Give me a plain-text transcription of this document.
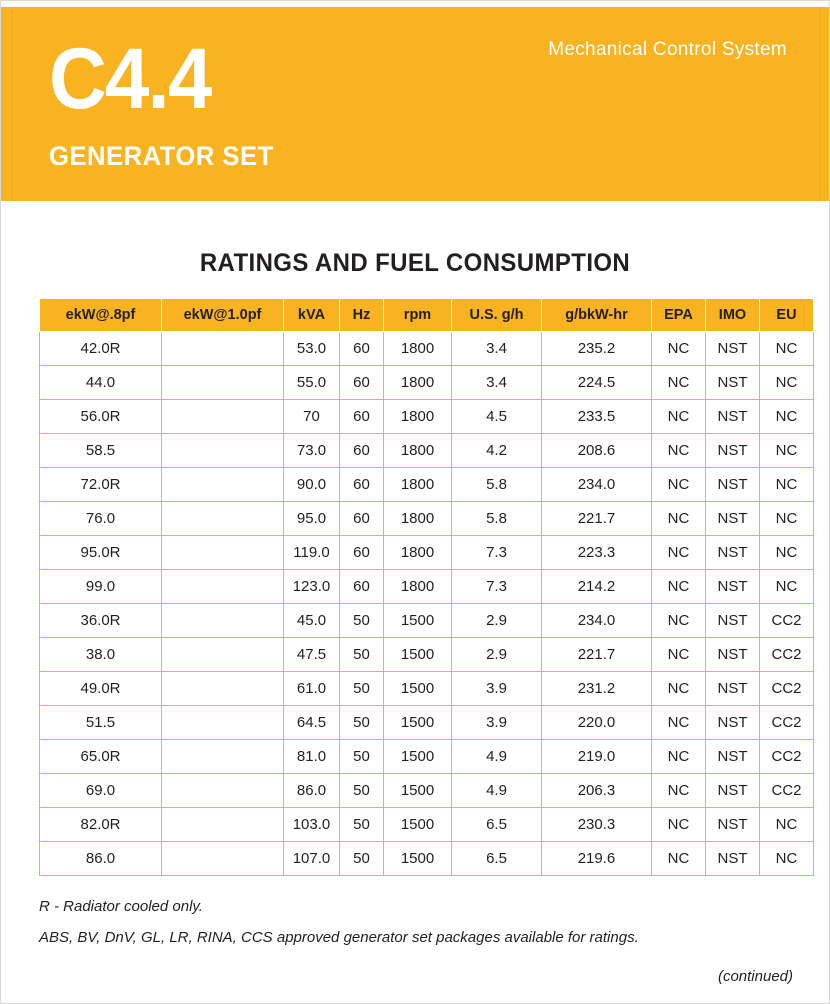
C4.4
GENERATOR SET
Mechanical Control System
RATINGS AND FUEL CONSUMPTION
ekW@.8pf	ekW@1.0pf	kVA	Hz	rpm	U.S. g/h	g/bkW-hr	EPA	IMO	EU
42.0R		53.0	60	1800	3.4	235.2	NC	NST	NC
44.0		55.0	60	1800	3.4	224.5	NC	NST	NC
56.0R		70	60	1800	4.5	233.5	NC	NST	NC
58.5		73.0	60	1800	4.2	208.6	NC	NST	NC
72.0R		90.0	60	1800	5.8	234.0	NC	NST	NC
76.0		95.0	60	1800	5.8	221.7	NC	NST	NC
95.0R		119.0	60	1800	7.3	223.3	NC	NST	NC
99.0		123.0	60	1800	7.3	214.2	NC	NST	NC
36.0R		45.0	50	1500	2.9	234.0	NC	NST	CC2
38.0		47.5	50	1500	2.9	221.7	NC	NST	CC2
49.0R		61.0	50	1500	3.9	231.2	NC	NST	CC2
51.5		64.5	50	1500	3.9	220.0	NC	NST	CC2
65.0R		81.0	50	1500	4.9	219.0	NC	NST	CC2
69.0		86.0	50	1500	4.9	206.3	NC	NST	CC2
82.0R		103.0	50	1500	6.5	230.3	NC	NST	NC
86.0		107.0	50	1500	6.5	219.6	NC	NST	NC
R - Radiator cooled only.
ABS, BV, DnV, GL, LR, RINA, CCS approved generator set packages available for ratings.
(continued)
